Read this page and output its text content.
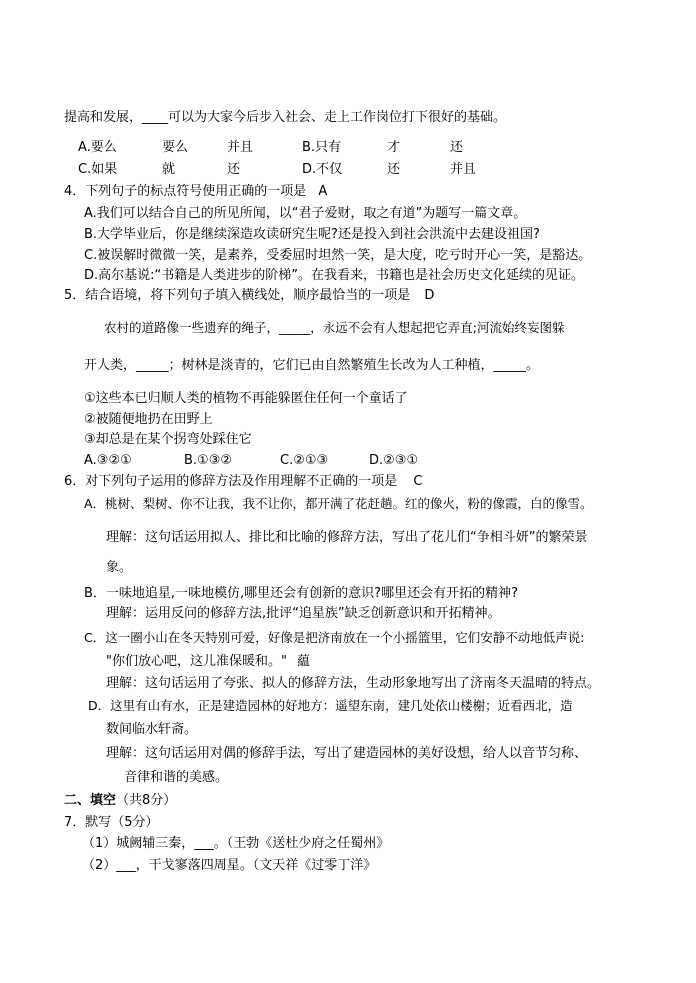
提高和发展，____可以为大家今后步入社会、走上工作岗位打下很好的基础。
A.要么	要么	并且	B.只有	才	还
C.如果	就	还	D.不仅	还	并且
4．下列句子的标点符号使用正确的一项是 A
A.我们可以结合自己的所见所闻，以“君子爱财，取之有道”为题写一篇文章。
B.大学毕业后，你是继续深造攻读研究生呢?还是投入到社会洪流中去建设祖国?
C.被误解时微微一笑，是素养，受委屈时坦然一笑，是大度，吃亏时开心一笑，是豁达。
D.高尔基说:“书籍是人类进步的阶梯”。在我看来，书籍也是社会历史文化延续的见证。
5．结合语境，将下列句子填入横线处，顺序最恰当的一项是 D
农村的道路像一些遗弃的绳子，_____，永远不会有人想起把它弄直;河流始终妄图躲
开人类，_____；树林是淡青的，它们已由自然繁殖生长改为人工种植，_____。
①这些本已归顺人类的植物不再能躲匿住任何一个童话了
②被随便地扔在田野上
③却总是在某个拐弯处踩住它
A.③②①	B.①③②	C.②①③	D.②③①
6．对下列句子运用的修辞方法及作用理解不正确的一项是 C
A．桃树、梨树、你不让我，我不让你，都开满了花赶趟。红的像火，粉的像霞，白的像雪。
理解：这句话运用拟人、排比和比喻的修辞方法，写出了花儿们“争相斗妍”的繁荣景
象。
B．一味地追星,一味地模仿,哪里还会有创新的意识?哪里还会有开拓的精神?
理解：运用反问的修辞方法,批评“追星族”缺乏创新意识和开拓精神。
C．这一圈小山在冬天特别可爱，好像是把济南放在一个小摇篮里，它们安静不动地低声说:
"你们放心吧，这儿准保暖和。" 藴
理解：这句话运用了夸张、拟人的修辞方法，生动形象地写出了济南冬天温晴的特点。
D．这里有山有水，正是建造园林的好地方：遥望东南，建几处依山楼榭；近看西北，造
数间临水轩斋。
理解：这句话运用对偶的修辞手法，写出了建造园林的美好设想，给人以音节匀称、
音律和谐的美感。
二、填空（共8分）
7．默写（5分）
（1）城阙辅三秦，___。（王勃《送杜少府之任蜀州》
（2）___，干戈寥落四周星。（文天祥《过零丁洋》
